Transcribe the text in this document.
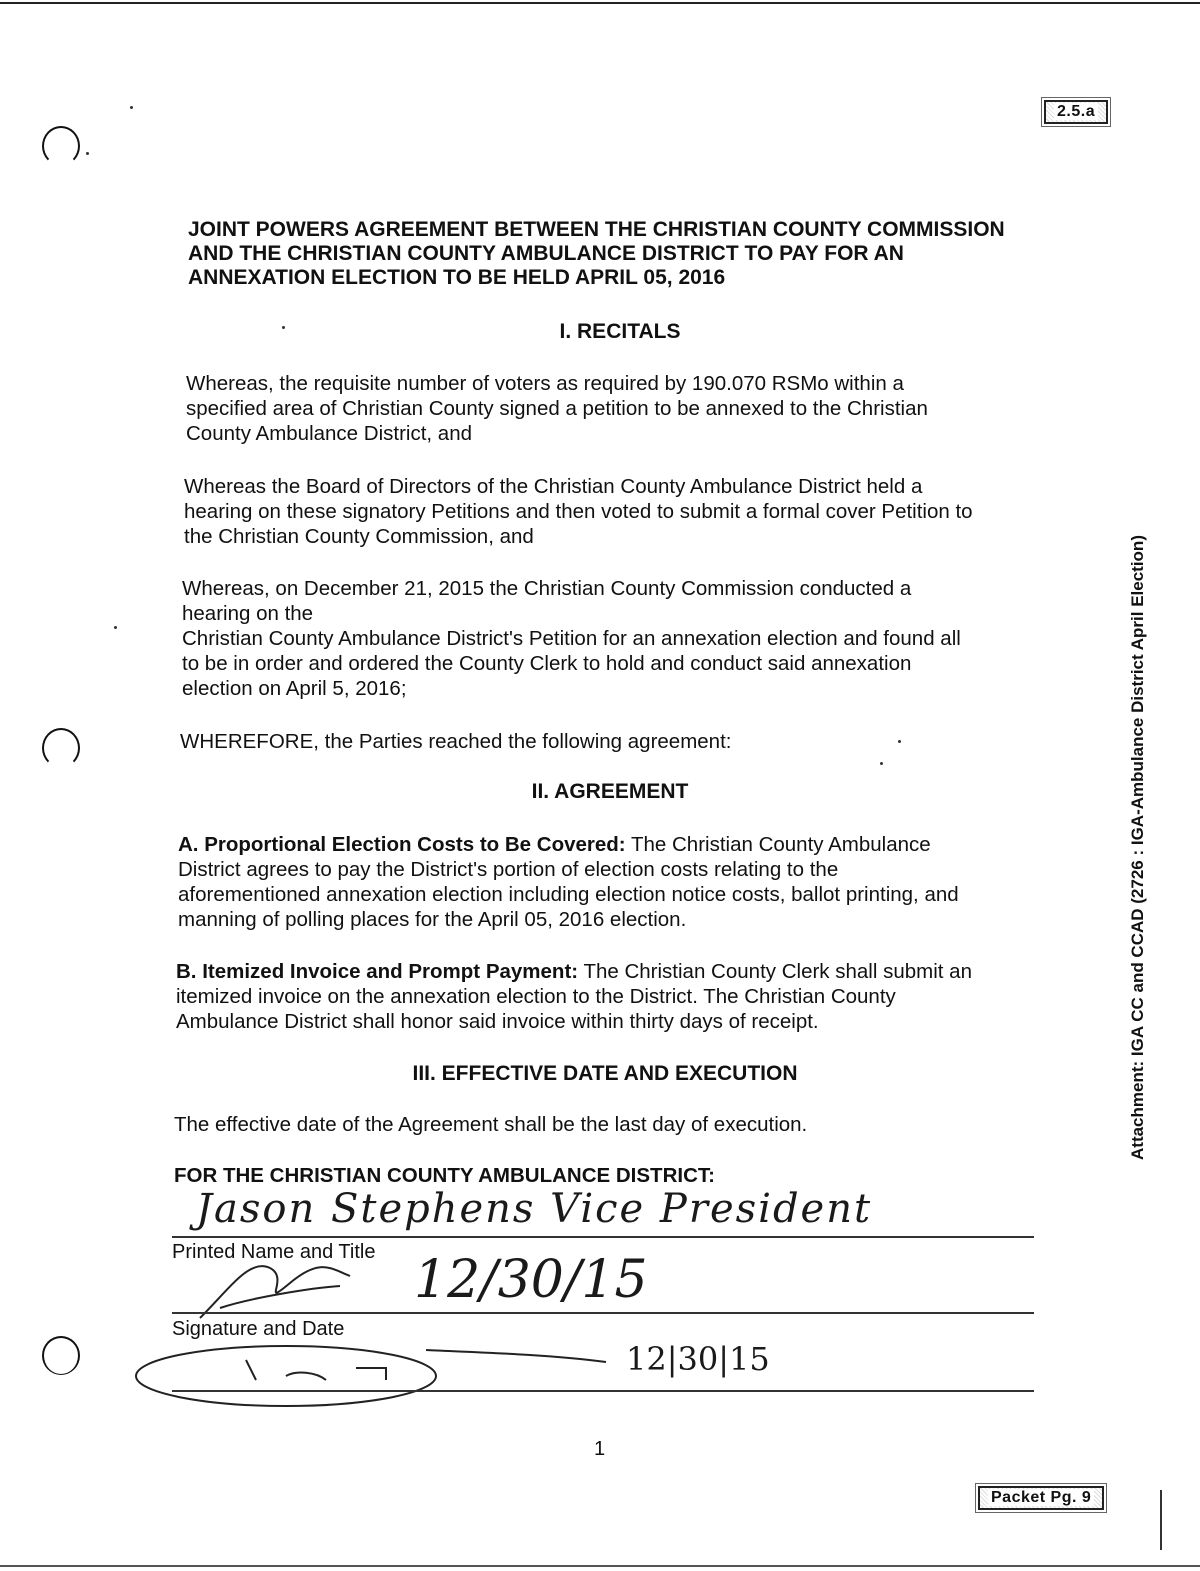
2.5.a
JOINT POWERS AGREEMENT BETWEEN THE CHRISTIAN COUNTY COMMISSION
AND THE CHRISTIAN COUNTY AMBULANCE DISTRICT TO PAY FOR AN
ANNEXATION ELECTION TO BE HELD APRIL 05, 2016
I. RECITALS
Whereas, the requisite number of voters as required by 190.070 RSMo within a
specified area of Christian County signed a petition to be annexed to the Christian
County Ambulance District, and
Whereas the Board of Directors of the Christian County Ambulance District held a
hearing on these signatory Petitions and then voted to submit a formal cover Petition to
the Christian County Commission, and
Whereas, on December 21, 2015 the Christian County Commission conducted a
hearing on the
Christian County Ambulance District's Petition for an annexation election and found all
to be in order and ordered the County Clerk to hold and conduct said annexation
election on April 5, 2016;
WHEREFORE, the Parties reached the following agreement:
II. AGREEMENT
A. Proportional Election Costs to Be Covered: The Christian County Ambulance
District agrees to pay the District's portion of election costs relating to the
aforementioned annexation election including election notice costs, ballot printing, and
manning of polling places for the April 05, 2016 election.
B. Itemized Invoice and Prompt Payment: The Christian County Clerk shall submit an
itemized invoice on the annexation election to the District. The Christian County
Ambulance District shall honor said invoice within thirty days of receipt.
III. EFFECTIVE DATE AND EXECUTION
The effective date of the Agreement shall be the last day of execution.
FOR THE CHRISTIAN COUNTY AMBULANCE DISTRICT:
Jason Stephens Vice President
Printed Name and Title 12/30/15
Signature and Date
12|30|15
1
Packet Pg. 9
Attachment: IGA CC and CCAD (2726 : IGA-Ambulance District April Election)
